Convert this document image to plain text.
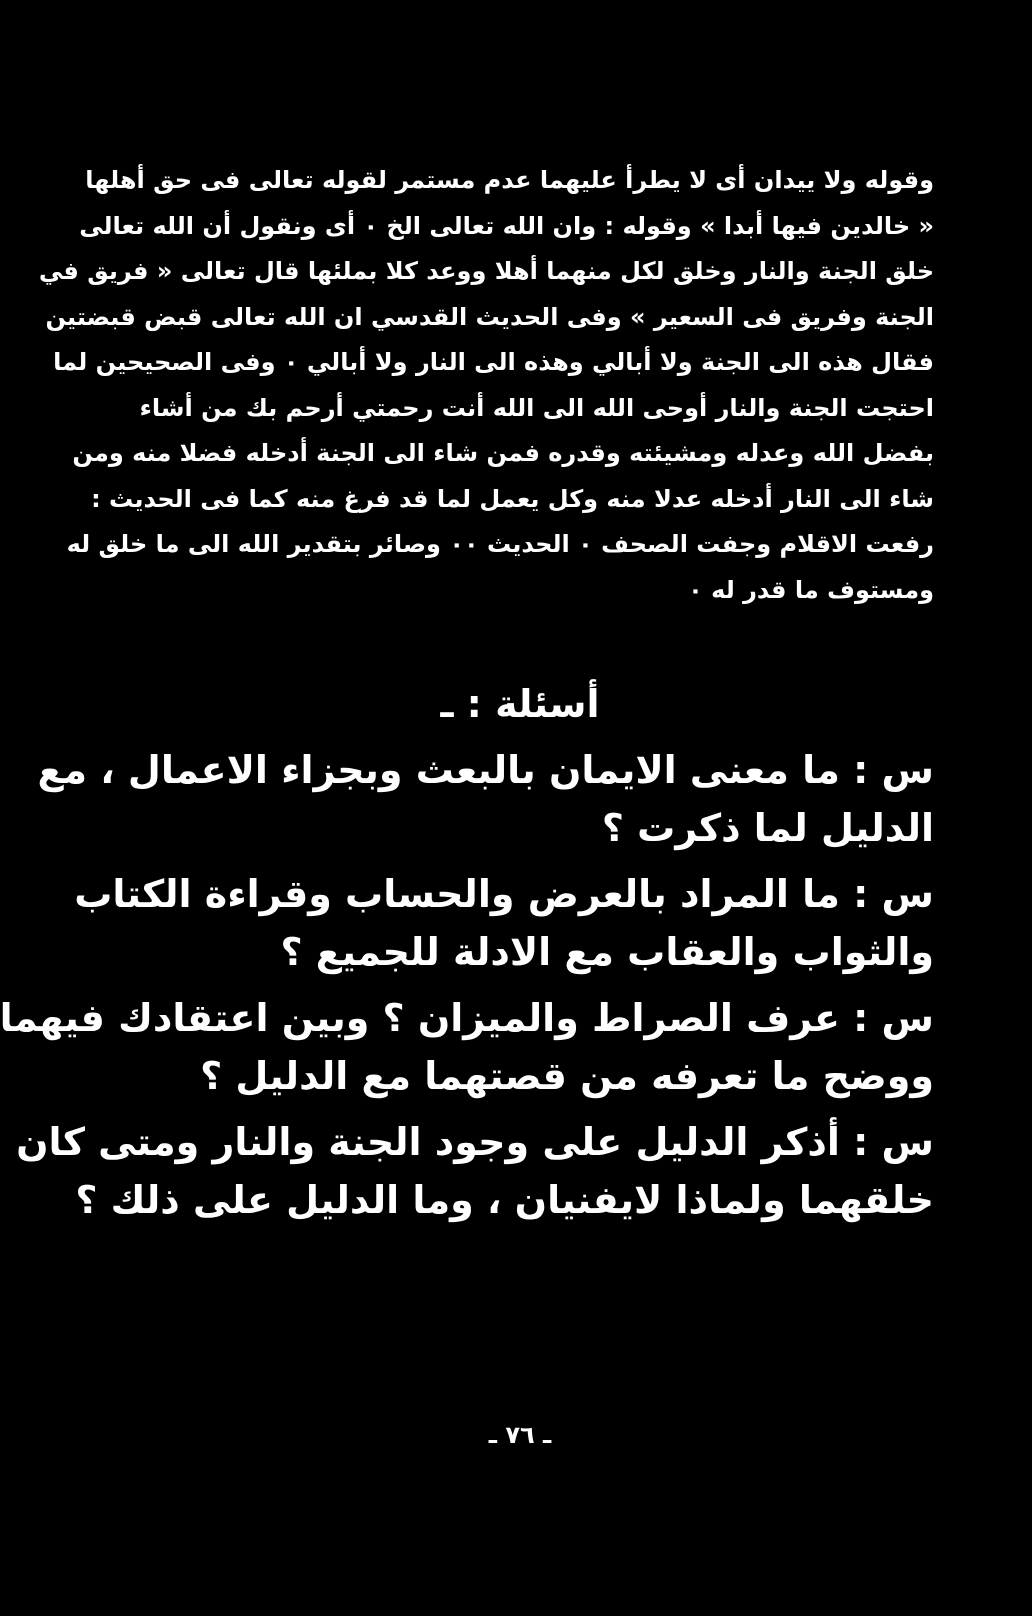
وقوله ولا ييدان أى لا يطرأ عليهما عدم مستمر لقوله تعالى فى حق أهلها
« خالدين فيها أبدا » وقوله : وان الله تعالى الخ ٠ أى ونقول أن الله تعالى
خلق الجنة والنار وخلق لكل منهما أهلا ووعد كلا بملئها قال تعالى « فريق في
الجنة وفريق فى السعير » وفى الحديث القدسي ان الله تعالى قبض قبضتين
فقال هذه الى الجنة ولا أبالي وهذه الى النار ولا أبالي ٠ وفى الصحيحين لما
احتجت الجنة والنار أوحى الله الى الله أنت رحمتي أرحم بك من أشاء
بفضل الله وعدله ومشيئته وقدره فمن شاء الى الجنة أدخله فضلا منه ومن
شاء الى النار أدخله عدلا منه وكل يعمل لما قد فرغ منه كما فى الحديث :
رفعت الاقلام وجفت الصحف ٠ الحديث ٠٠ وصائر بتقدير الله الى ما خلق له
ومستوف ما قدر له ٠
أسئلة : ـ
س : ما معنى الايمان بالبعث وبجزاء الاعمال ، مع
الدليل لما ذكرت ؟
س : ما المراد بالعرض والحساب وقراءة الكتاب
والثواب والعقاب مع الادلة للجميع ؟
س : عرف الصراط والميزان ؟ وبين اعتقادك فيهما
ووضح ما تعرفه من قصتهما مع الدليل ؟
س : أذكر الدليل على وجود الجنة والنار ومتى كان
خلقهما ولماذا لايفنيان ، وما الدليل على ذلك ؟
ـ ٧٦ ـ
